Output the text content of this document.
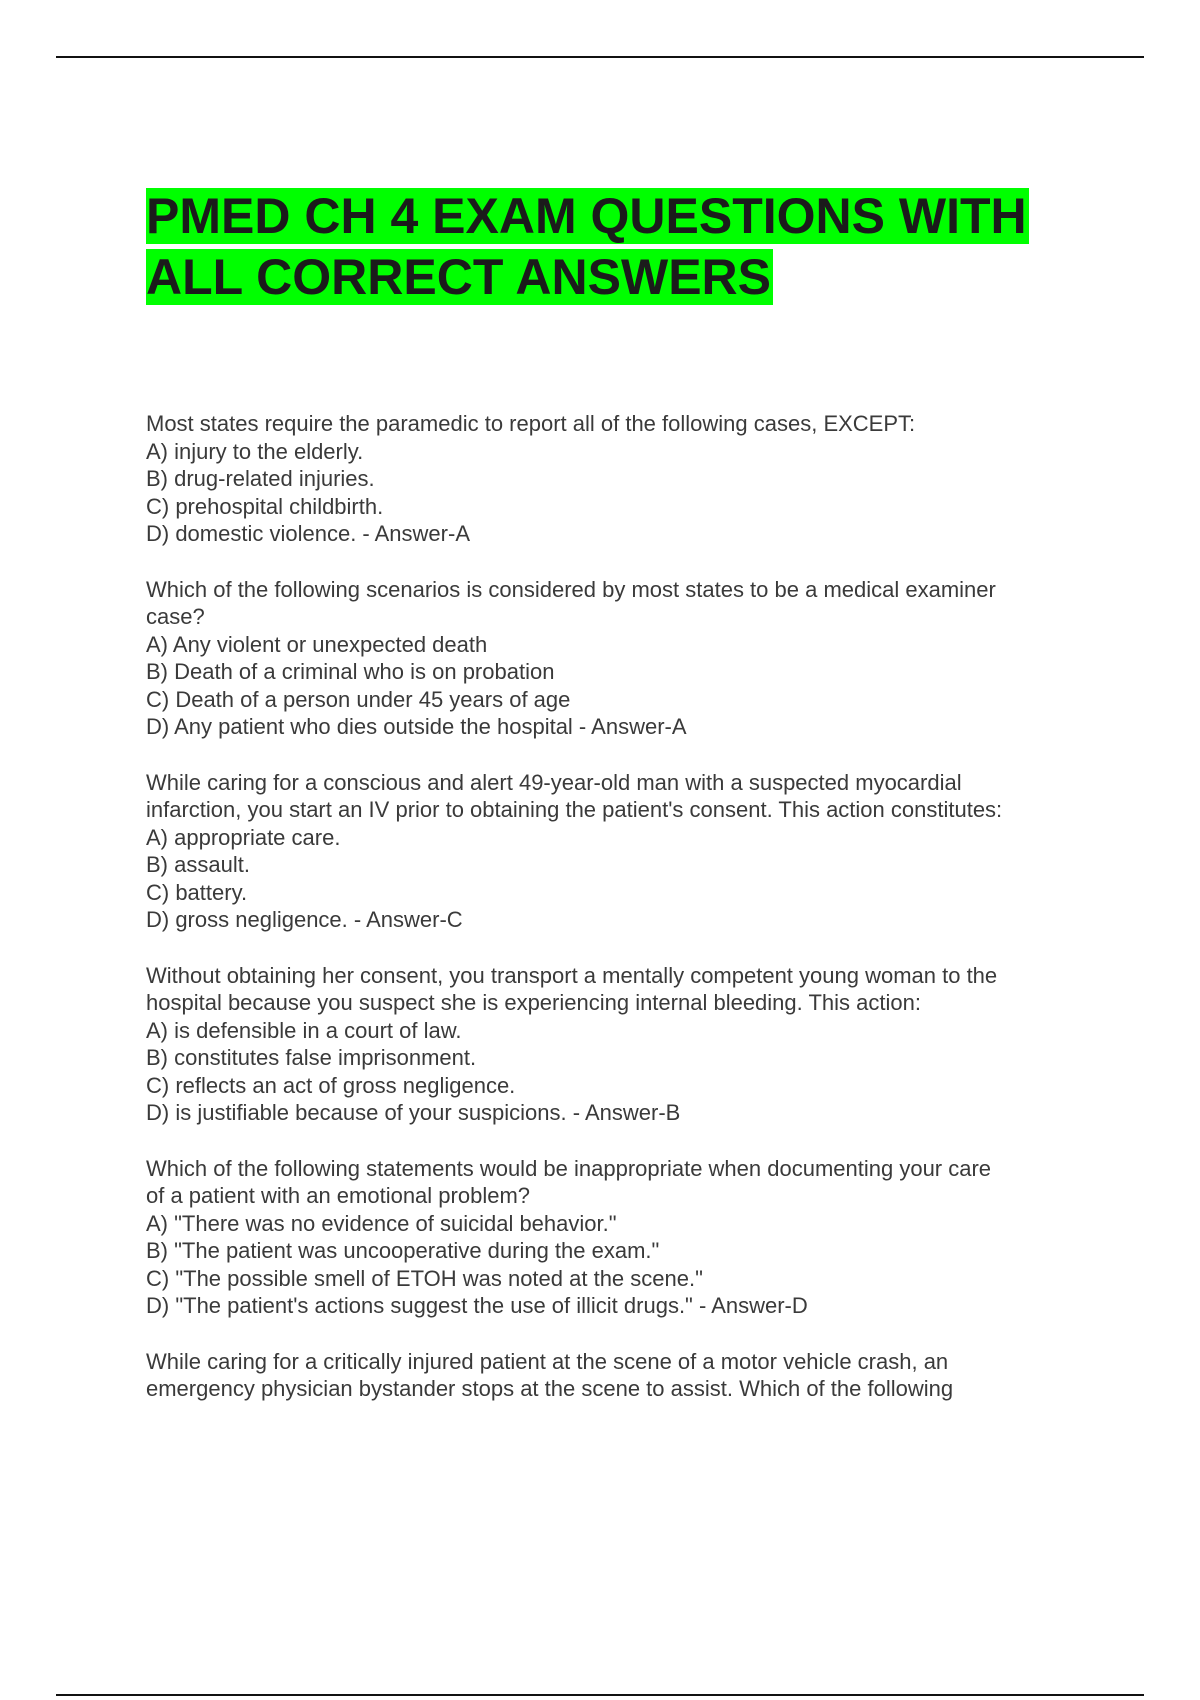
PMED CH 4 EXAM QUESTIONS WITH
ALL CORRECT ANSWERS
Most states require the paramedic to report all of the following cases, EXCEPT:
A) injury to the elderly.
B) drug-related injuries.
C) prehospital childbirth.
D) domestic violence. - Answer-A
Which of the following scenarios is considered by most states to be a medical examiner
case?
A) Any violent or unexpected death
B) Death of a criminal who is on probation
C) Death of a person under 45 years of age
D) Any patient who dies outside the hospital - Answer-A
While caring for a conscious and alert 49-year-old man with a suspected myocardial
infarction, you start an IV prior to obtaining the patient's consent. This action constitutes:
A) appropriate care.
B) assault.
C) battery.
D) gross negligence. - Answer-C
Without obtaining her consent, you transport a mentally competent young woman to the
hospital because you suspect she is experiencing internal bleeding. This action:
A) is defensible in a court of law.
B) constitutes false imprisonment.
C) reflects an act of gross negligence.
D) is justifiable because of your suspicions. - Answer-B
Which of the following statements would be inappropriate when documenting your care
of a patient with an emotional problem?
A) "There was no evidence of suicidal behavior."
B) "The patient was uncooperative during the exam."
C) "The possible smell of ETOH was noted at the scene."
D) "The patient's actions suggest the use of illicit drugs." - Answer-D
While caring for a critically injured patient at the scene of a motor vehicle crash, an
emergency physician bystander stops at the scene to assist. Which of the following
